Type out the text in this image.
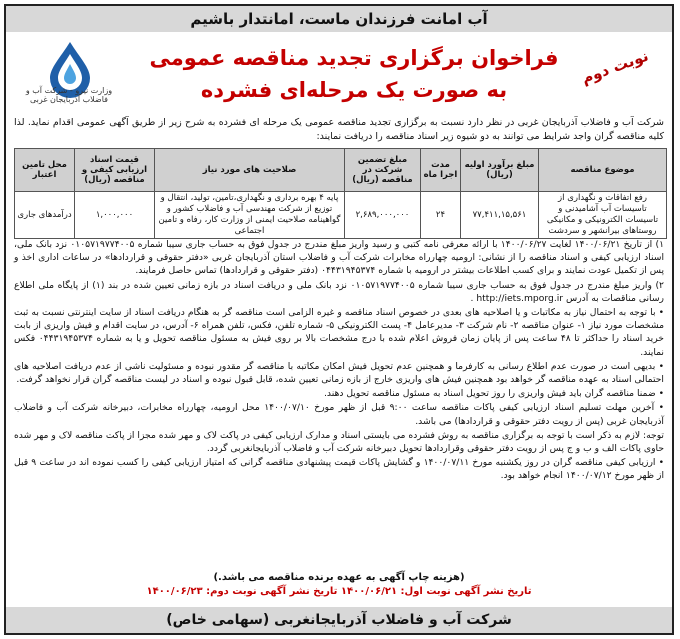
آب امانت فرزندان ماست، امانتدار باشیم
وزارت نیرو - شرکت آب و فاضلاب آذربایجان غربی
نوبت دوم
فراخوان برگزاری تجدید مناقصه عمومی
به صورت یک مرحله‌ای فشرده
شرکت آب و فاضلاب آذربایجان غربی در نظر دارد نسبت به برگزاری تجدید مناقصه عمومی یک مرحله ای فشرده به شرح زیر از طریق آگهی عمومی اقدام نماید. لذا کلیه مناقصه گران واجد شرایط می توانند به دو شیوه زیر اسناد مناقصه را دریافت نمایند:
موضوع مناقصه	مبلغ برآورد اولیه (ریال)	مدت اجرا ماه	مبلغ تضمین شرکت در مناقصه (ریال)	صلاحیت های مورد نیاز	قیمت اسناد ارزیابی کیفی و مناقصه (ریال)	محل تامین اعتبار
رفع اتفاقات و نگهداری از تاسیسات آب آشامیدنی و تاسیسات الکترونیکی و مکانیکی روستاهای بیرانشهر و سردشت	۷۷,۴۱۱,۱۵,۵۶۱	۲۴	۲,۶۸۹,۰۰۰,۰۰۰	پایه ۴ بهره برداری و نگهداری،تامین، تولید، انتقال و توزیع از شرکت مهندسی آب و فاضلاب کشور و گواهینامه صلاحیت ایمنی از وزارت کار، رفاه و تامین اجتماعی	۱,۰۰۰,۰۰۰	درآمدهای جاری

۱) از تاریخ ۱۴۰۰/۰۶/۲۱ لغایت ۱۴۰۰/۰۶/۲۷ با ارائه معرفی نامه کتبی و رسید واریز مبلغ مندرج در جدول فوق به حساب جاری سیبا شماره ۰۱۰۵۷۱۹۷۷۴۰۰۵ نزد بانک ملی، اسناد ارزیابی کیفی و اسناد مناقصه را از نشانی: ارومیه چهارراه مخابرات شرکت آب و فاضلاب استان آذربایجان غربی «دفتر حقوقی و قراردادها» در ساعات اداری اخذ و پس از تکمیل عودت نمایند و برای کسب اطلاعات بیشتر در ارومیه با شماره ۰۴۴۳۱۹۴۵۳۷۴ (دفتر حقوقی و قراردادها) تماس حاصل فرمایند.

۲) واریز مبلغ مندرج در جدول فوق به حساب جاری سیبا شماره ۰۱۰۵۷۱۹۷۷۴۰۰۵ نزد بانک ملی و دریافت اسناد در بازه زمانی تعیین شده در بند (۱) از پایگاه ملی اطلاع رسانی مناقصات به آدرس http://iets.mporg.ir .

• با توجه به احتمال نیاز به مکاتبات و یا اصلاحیه های بعدی در خصوص اسناد مناقصه و غیره الزامی است مناقصه گر به هنگام دریافت اسناد از سایت اینترنتی نسبت به ثبت مشخصات مورد نیاز ۱- عنوان مناقصه ۲- نام شرکت ۳- مدیرعامل ۴- پست الکترونیکی ۵- شماره تلفن، فکس، تلفن همراه ۶- آدرس، در سایت اقدام و فیش واریزی از بابت خرید اسناد را حداکثر تا ۴۸ ساعت پس از پایان زمان فروش اعلام شده با درج مشخصات بالا بر روی فیش به مسئول مناقصه تحویل و یا به شماره ۰۴۴۳۱۹۴۵۳۷۴ فکس نمایند.

• بدیهی است در صورت عدم اطلاع رسانی به کارفرما و همچنین عدم تحویل فیش امکان مکاتبه با مناقصه گر مقدور نبوده و مسئولیت ناشی از عدم دریافت اصلاحیه های احتمالی اسناد به عهده مناقصه گر خواهد بود همچنین فیش های واریزی خارج از بازه زمانی تعیین شده، قابل قبول نبوده و اسناد در لیست مناقصه گران قرار نخواهد گرفت.

• ضمنا مناقصه گران باید فیش واریزی را روز تحویل اسناد به مسئول مناقصه تحویل دهند.

• آخرین مهلت تسلیم اسناد ارزیابی کیفی پاکات مناقصه ساعت ۹:۰۰ قبل از ظهر مورخ ۱۴۰۰/۰۷/۱۰ محل ارومیه، چهارراه مخابرات، دبیرخانه شرکت آب و فاضلاب آذربایجان غربی (پس از رویت دفتر حقوقی و قراردادها) می باشد.

توجه: لازم به ذکر است با توجه به برگزاری مناقصه به روش فشرده می بایستی اسناد و مدارک ارزیابی کیفی در پاکت لاک و مهر شده مجزا از پاکت مناقصه لاک و مهر شده حاوی پاکات الف و ب و ج پس از رویت دفتر حقوقی وقراردادها تحویل دبیرخانه شرکت آب و فاضلاب آذربایجانغربی گردد.

• ارزیابی کیفی مناقصه گران در روز یکشنبه مورخ ۱۴۰۰/۰۷/۱۱ و گشایش پاکات قیمت پیشنهادی مناقصه گرانی که امتیاز ارزیابی کیفی را کسب نموده اند در ساعت ۹ قبل از ظهر مورخ ۱۴۰۰/۰۷/۱۲ انجام خواهد بود.

(هزینه چاپ آگهی به عهده برنده مناقصه می باشد.)
تاریخ نشر آگهی نوبت اول: ۱۴۰۰/۰۶/۲۱ تاریخ نشر آگهی نوبت دوم: ۱۴۰۰/۰۶/۲۳
شرکت آب و فاضلاب آذربایجانغربی (سهامی خاص)
